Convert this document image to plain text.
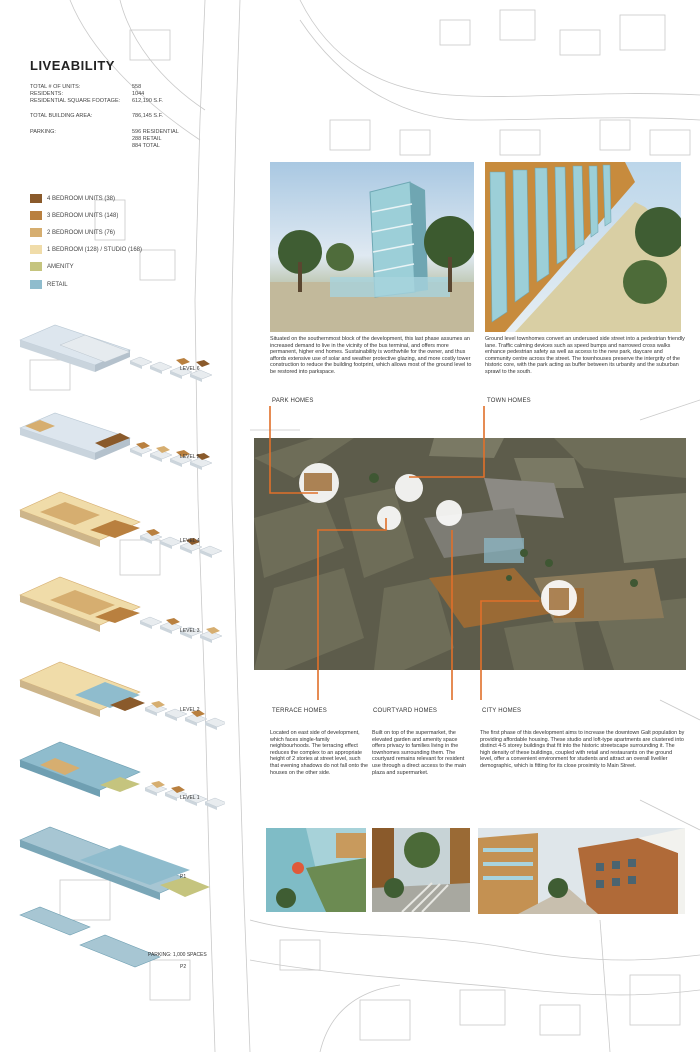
LIVEABILITY
TOTAL # OF UNITS:	558
RESIDENTS:	1044
RESIDENTIAL SQUARE FOOTAGE: 612,190 S.F.
TOTAL BUILDING AREA:	786,145 S.F.
PARKING:	596 RESIDENTIAL
288 RETAIL
884 TOTAL
4 BEDROOM UNITS (38)
3 BEDROOM UNITS (148)
2 BEDROOM UNITS (76)
1 BEDROOM (128) / STUDIO (168)
AMENITY
RETAIL
LEVEL 6
LEVEL 5
LEVEL 4
LEVEL 3
LEVEL 2
LEVEL 1
P1
PARKING: 1,000 SPACES
P2
Situated on the southernmost block of the development, this last phase assumes an increased demand to live in the vicinity of the bus terminal, and offers more permanent, higher end homes. Sustainability is worthwhile for the owner, and thus affords extensive use of solar and weather protective glazing, and more costly tower construction to reduce the building footprint, which allows most of the ground level to be restored into parkspace.
Ground level townhomes convert an underused side street into a pedestrian friendly lane. Traffic calming devices such as speed bumps and narrowed cross walks enhance pedestrian safety as well as access to the new park, daycare and community centre across the street. The townhouses preserve the intergrity of the historic core, with the park acting as buffer between its urbanity and the suburban sprawl to the south.
PARK HOMES	TOWN HOMES
TERRACE HOMES	COURTYARD HOMES	CITY HOMES
Located on east side of development, which faces single-family neighbourhoods. The terracing effect reduces the complex to an appropriate height of 2 stories at street level, such that evening shadows do not fall onto the houses on the other side.
Built on top of the supermarket, the elevated garden and amenity space offers privacy to families living in the townhomes surrounding them. The courtyard remains relevant for resident use through a direct access to the main plaza and supermarket.
The first phase of this development aims to increase the downtown Galt population by providing affordable housing. These studio and loft-type apartments are clustered into distinct 4-5 storey buildings that fit into the historic streetscape surrounding it. The high density of these buildings, coupled with retail and restaurants on the ground level, offer a convenient environment for students and attract an overall liveliler demographic, which is fitting for its close proximity to Main Street.
